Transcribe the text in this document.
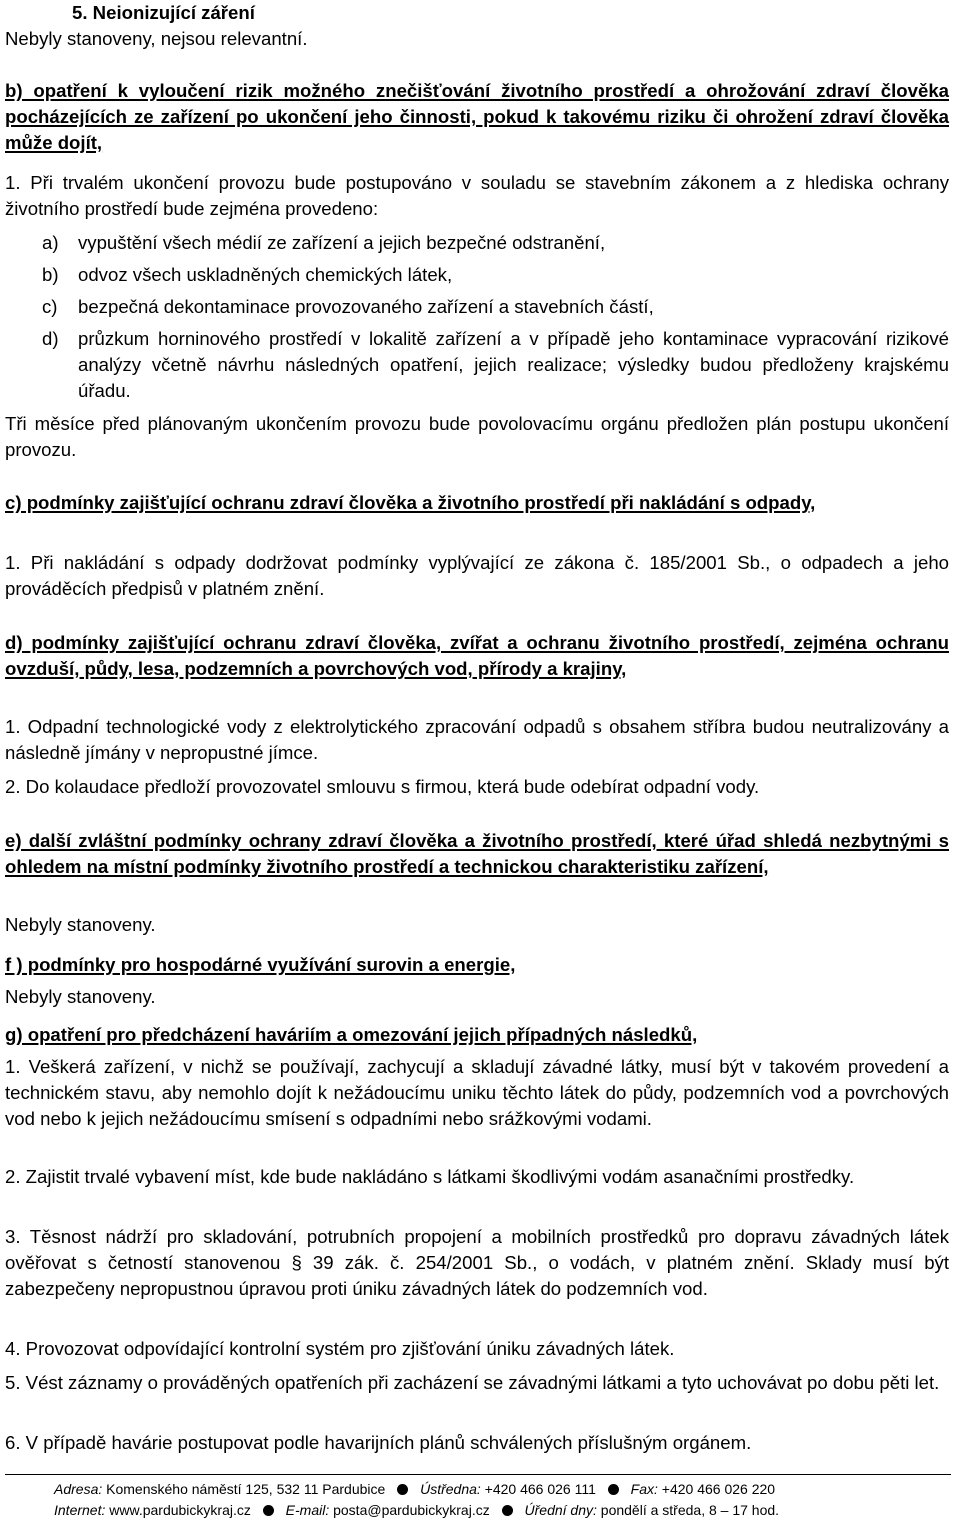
5. Neionizující záření

Nebyly stanoveny, nejsou relevantní.

b) opatření k vyloučení rizik možného znečišťování životního prostředí a ohrožování zdraví člověka pocházejících ze zařízení po ukončení jeho činnosti, pokud k takovému riziku či ohrožení zdraví člověka může dojít,

1. Při trvalém ukončení provozu bude postupováno v souladu se stavebním zákonem a z hlediska ochrany životního prostředí bude zejména provedeno:

a) vypuštění všech médií ze zařízení a jejich bezpečné odstranění,
b) odvoz všech uskladněných chemických látek,
c) bezpečná dekontaminace provozovaného zařízení a stavebních částí,
d) průzkum horninového prostředí v lokalitě zařízení a v případě jeho kontaminace vypracování rizikové analýzy včetně návrhu následných opatření, jejich realizace; výsledky budou předloženy krajskému úřadu.

Tři měsíce před plánovaným ukončením provozu bude povolovacímu orgánu předložen plán postupu ukončení provozu.

c) podmínky zajišťující ochranu zdraví člověka a životního prostředí při nakládání s odpady,

1. Při nakládání s odpady dodržovat podmínky vyplývající ze zákona č. 185/2001 Sb., o odpadech a jeho prováděcích předpisů v platném znění.

d) podmínky zajišťující ochranu zdraví člověka, zvířat a ochranu životního prostředí, zejména ochranu ovzduší, půdy, lesa, podzemních a povrchových vod, přírody a krajiny,

1. Odpadní technologické vody z elektrolytického zpracování odpadů s obsahem stříbra budou neutralizovány a následně jímány v nepropustné jímce.

2. Do kolaudace předloží provozovatel smlouvu s firmou, která bude odebírat odpadní vody.

e) další zvláštní podmínky ochrany zdraví člověka a životního prostředí, které úřad shledá nezbytnými s ohledem na místní podmínky životního prostředí a technickou charakteristiku zařízení,

Nebyly stanoveny.

f ) podmínky pro hospodárné využívání surovin a energie,

Nebyly stanoveny.

g) opatření pro předcházení haváriím a omezování jejich případných následků,

1. Veškerá zařízení, v nichž se používají, zachycují a skladují závadné látky, musí být v takovém provedení a technickém stavu, aby nemohlo dojít k nežádoucímu uniku těchto látek do půdy, podzemních vod a povrchových vod nebo k jejich nežádoucímu smísení s odpadními nebo srážkovými vodami.

2. Zajistit trvalé vybavení míst, kde bude nakládáno s látkami škodlivými vodám asanačními prostředky.

3. Těsnost nádrží pro skladování, potrubních propojení a mobilních prostředků pro dopravu závadných látek ověřovat s četností stanovenou § 39 zák. č. 254/2001 Sb., o vodách, v platném znění. Sklady musí být zabezpečeny nepropustnou úpravou proti úniku závadných látek do podzemních vod.

4. Provozovat odpovídající kontrolní systém pro zjišťování úniku závadných látek.

5. Vést záznamy o prováděných opatřeních při zacházení se závadnými látkami a tyto uchovávat po dobu pěti let.

6. V případě havárie postupovat podle havarijních plánů schválených příslušným orgánem.

Adresa: Komenského náměstí 125, 532 11 Pardubice Ústředna: +420 466 026 111 Fax: +420 466 026 220
Internet: www.pardubickykraj.cz E-mail: posta@pardubickykraj.cz Úřední dny: pondělí a středa, 8 – 17 hod.
